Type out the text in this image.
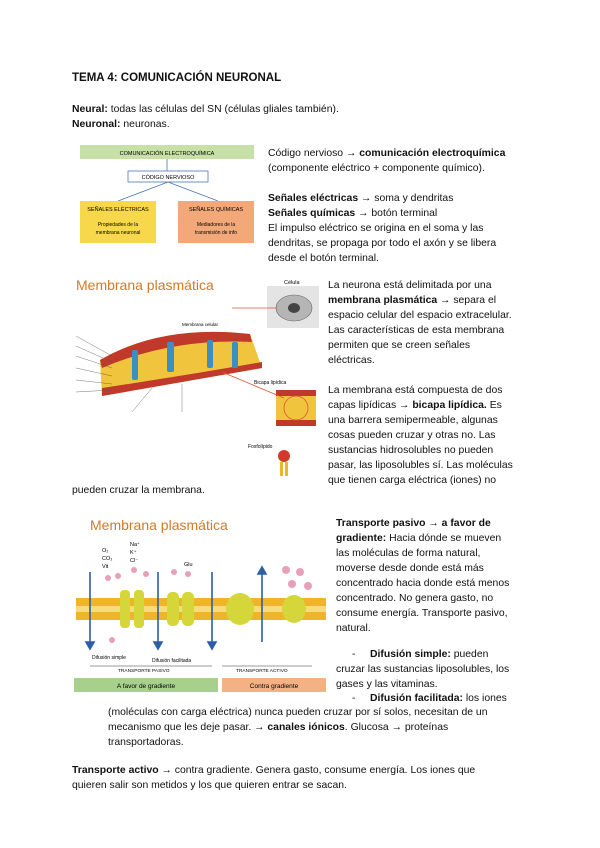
TEMA 4: COMUNICACIÓN NEURONAL
Neural: todas las células del SN (células gliales también).
Neuronal: neuronas.
COMUNICACIÓN ELECTROQUÍMICA
CÓDIGO NERVIOSO
SEÑALES ELÉCTRICAS
Propiedades de la
membrana neuronal
SEÑALES QUÍMICAS
Mediadores de la
transmisión de info

Código nervioso → comunicación electroquímica

(componente eléctrico + componente químico).

Señales eléctricas → soma y dendritas

Señales químicas → botón terminal

El impulso eléctrico se origina en el soma y las

dendritas, se propaga por todo el axón y se libera

desde el botón terminal.

Membrana plasmática	Célula
Membrana celular
Bicapa lipídica
Fosfolípido

La neurona está delimitada por una

membrana plasmática → separa el

espacio celular del espacio extracelular.

Las características de esta membrana

permiten que se creen señales

eléctricas.

La membrana está compuesta de dos

capas lipídicas → bicapa lipídica. Es

una barrera semipermeable, algunas

cosas pueden cruzar y otras no. Las

sustancias hidrosolubles no pueden

pasar, las liposolubles sí. Las moléculas

que tienen carga eléctrica (iones) no

pueden cruzar la membrana.
Membrana plasmática
O₂
CO₂
Vit
Na⁺
K⁺
Cl⁻
Glu
Difusión simple	Difusión facilitada
TRANSPORTE PASIVO	TRANSPORTE ACTIVO
A favor de gradiente	Contra gradiente

Transporte pasivo → a favor de

gradiente: Hacia dónde se mueven

las moléculas de forma natural,

moverse desde donde está más

concentrado hacia donde está menos

concentrado. No genera gasto, no

consume energía. Transporte pasivo,

natural.

- Difusión simple: pueden
cruzar las sustancias liposolubles, los
gases y las vitaminas.
- Difusión facilitada: los iones
(moléculas con carga eléctrica) nunca pueden cruzar por sí solos, necesitan de un
mecanismo que les deje pasar. → canales iónicos. Glucosa → proteínas
transportadoras.
Transporte activo → contra gradiente. Genera gasto, consume energía. Los iones que
quieren salir son metidos y los que quieren entrar se sacan.
